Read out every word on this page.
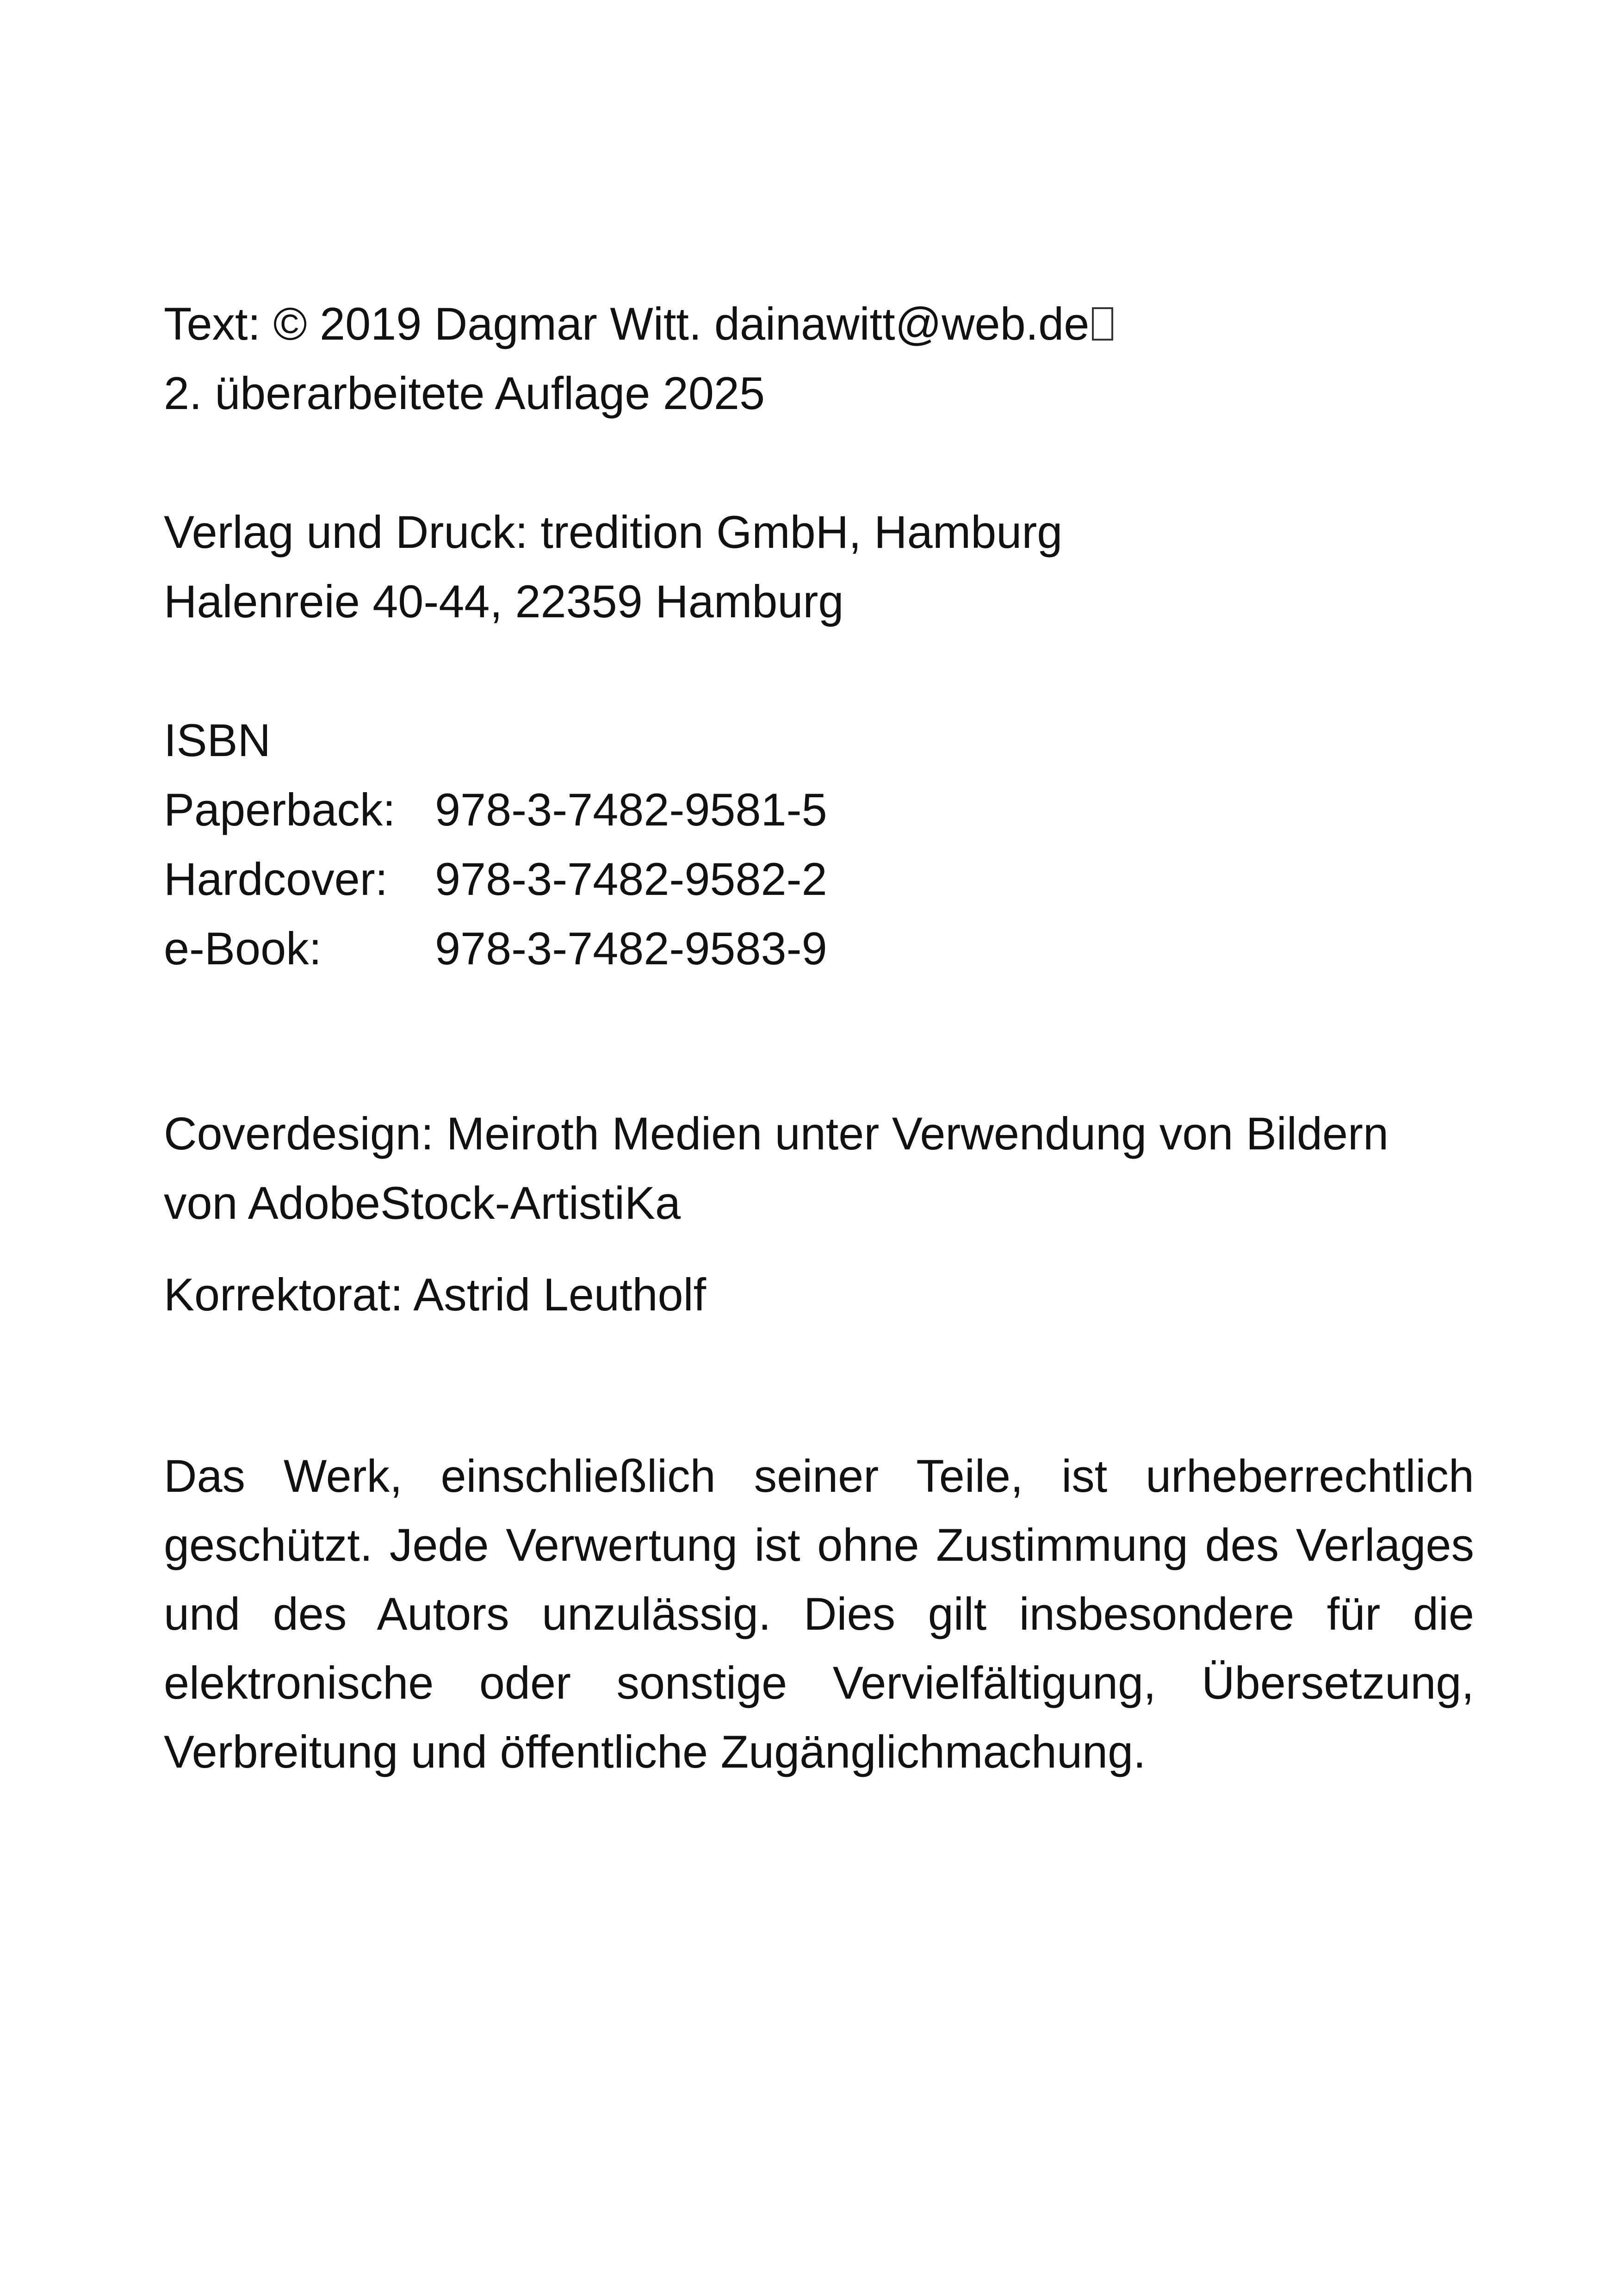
Text: © 2019 Dagmar Witt. dainawitt@web.de
2. überarbeitete Auflage 2025
Verlag und Druck: tredition GmbH, Hamburg
Halenreie 40-44, 22359 Hamburg
ISBN
Paperback: 978-3-7482-9581-5
Hardcover: 978-3-7482-9582-2
e-Book: 978-3-7482-9583-9
Coverdesign: Meiroth Medien unter Verwendung von Bildern
von AdobeStock-ArtistiKa
Korrektorat: Astrid Leutholf
Das Werk, einschließlich seiner Teile, ist urheberrechtlich geschützt. Jede Verwertung ist ohne Zustimmung des Verlages und des Autors unzulässig. Dies gilt insbesondere für die elektronische oder sonstige Vervielfältigung, Übersetzung, Verbreitung und öffentliche Zugänglichmachung.
